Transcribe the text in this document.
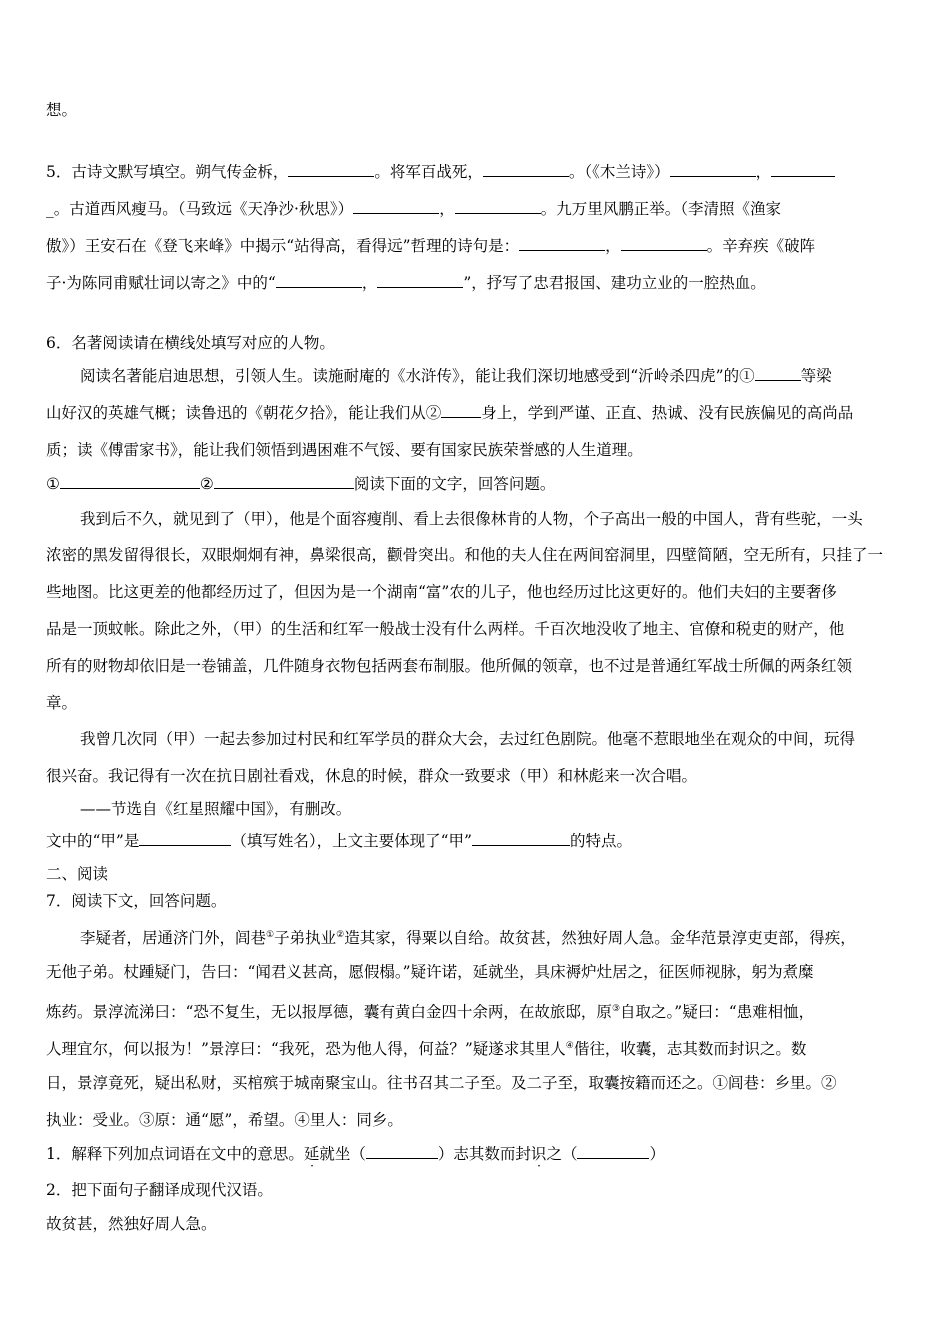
想。
5．古诗文默写填空。朔气传金柝，	。将军百战死，	。（《木兰诗》）	，
_。古道西风瘦马。（马致远《天净沙·秋思》）	，	。九万里风鹏正举。（李清照《渔家
傲》）王安石在《登飞来峰》中揭示“站得高，看得远”哲理的诗句是：	，	。辛弃疾《破阵
子·为陈同甫赋壮词以寄之》中的“	，	”，抒写了忠君报国、建功立业的一腔热血。
6．名著阅读请在横线处填写对应的人物。
阅读名著能启迪思想，引领人生。读施耐庵的《水浒传》，能让我们深切地感受到“沂岭杀四虎”的①	等梁
山好汉的英雄气概；读鲁迅的《朝花夕拾》，能让我们从②	身上，学到严谨、正直、热诚、没有民族偏见的高尚品
质；读《傅雷家书》，能让我们领悟到遇困难不气馁、要有国家民族荣誉感的人生道理。
①	②	阅读下面的文字，回答问题。
我到后不久，就见到了（甲），他是个面容瘦削、看上去很像林肯的人物，个子高出一般的中国人，背有些驼，一头
浓密的黑发留得很长，双眼炯炯有神，鼻梁很高，颧骨突出。和他的夫人住在两间窑洞里，四壁简陋，空无所有，只挂了一
些地图。比这更差的他都经历过了，但因为是一个湖南“富”农的儿子，他也经历过比这更好的。他们夫妇的主要奢侈
品是一顶蚊帐。除此之外，（甲）的生活和红军一般战士没有什么两样。千百次地没收了地主、官僚和税吏的财产，他
所有的财物却依旧是一卷铺盖，几件随身衣物包括两套布制服。他所佩的领章，也不过是普通红军战士所佩的两条红领
章。
我曾几次同（甲）一起去参加过村民和红军学员的群众大会，去过红色剧院。他毫不惹眼地坐在观众的中间，玩得
很兴奋。我记得有一次在抗日剧社看戏，休息的时候，群众一致要求（甲）和林彪来一次合唱。
——节选自《红星照耀中国》，有删改。
文中的“甲”是	（填写姓名），上文主要体现了“甲”	的特点。
二、阅读
7．阅读下文，回答问题。
李疑者，居通济门外，闾巷①子弟执业②造其家，得粟以自给。故贫甚，然独好周人急。金华范景淳吏吏部，得疾，
无他子弟。杖踵疑门，告曰：“闻君义甚高，愿假榻。”疑许诺，延就坐，具床褥炉灶居之，征医师视脉，躬为煮糜
炼药。景淳流涕曰：“恐不复生，无以报厚德，囊有黄白金四十余两，在故旅邸，原③自取之。”疑曰：“患难相恤，
人理宜尔，何以报为！”景淳曰：“我死，恐为他人得，何益？”疑遂求其里人④偕往，收囊，志其数而封识之。数
日，景淳竟死，疑出私财，买棺殡于城南聚宝山。往书召其二子至。及二子至，取囊按籍而还之。①闾巷：乡里。②
执业：受业。③原：通“愿”，希望。④里人：同乡。
1．解释下列加点词语在文中的意思。延就坐（	）志其数而封识之（	）
2．把下面句子翻译成现代汉语。
故贫甚，然独好周人急。
